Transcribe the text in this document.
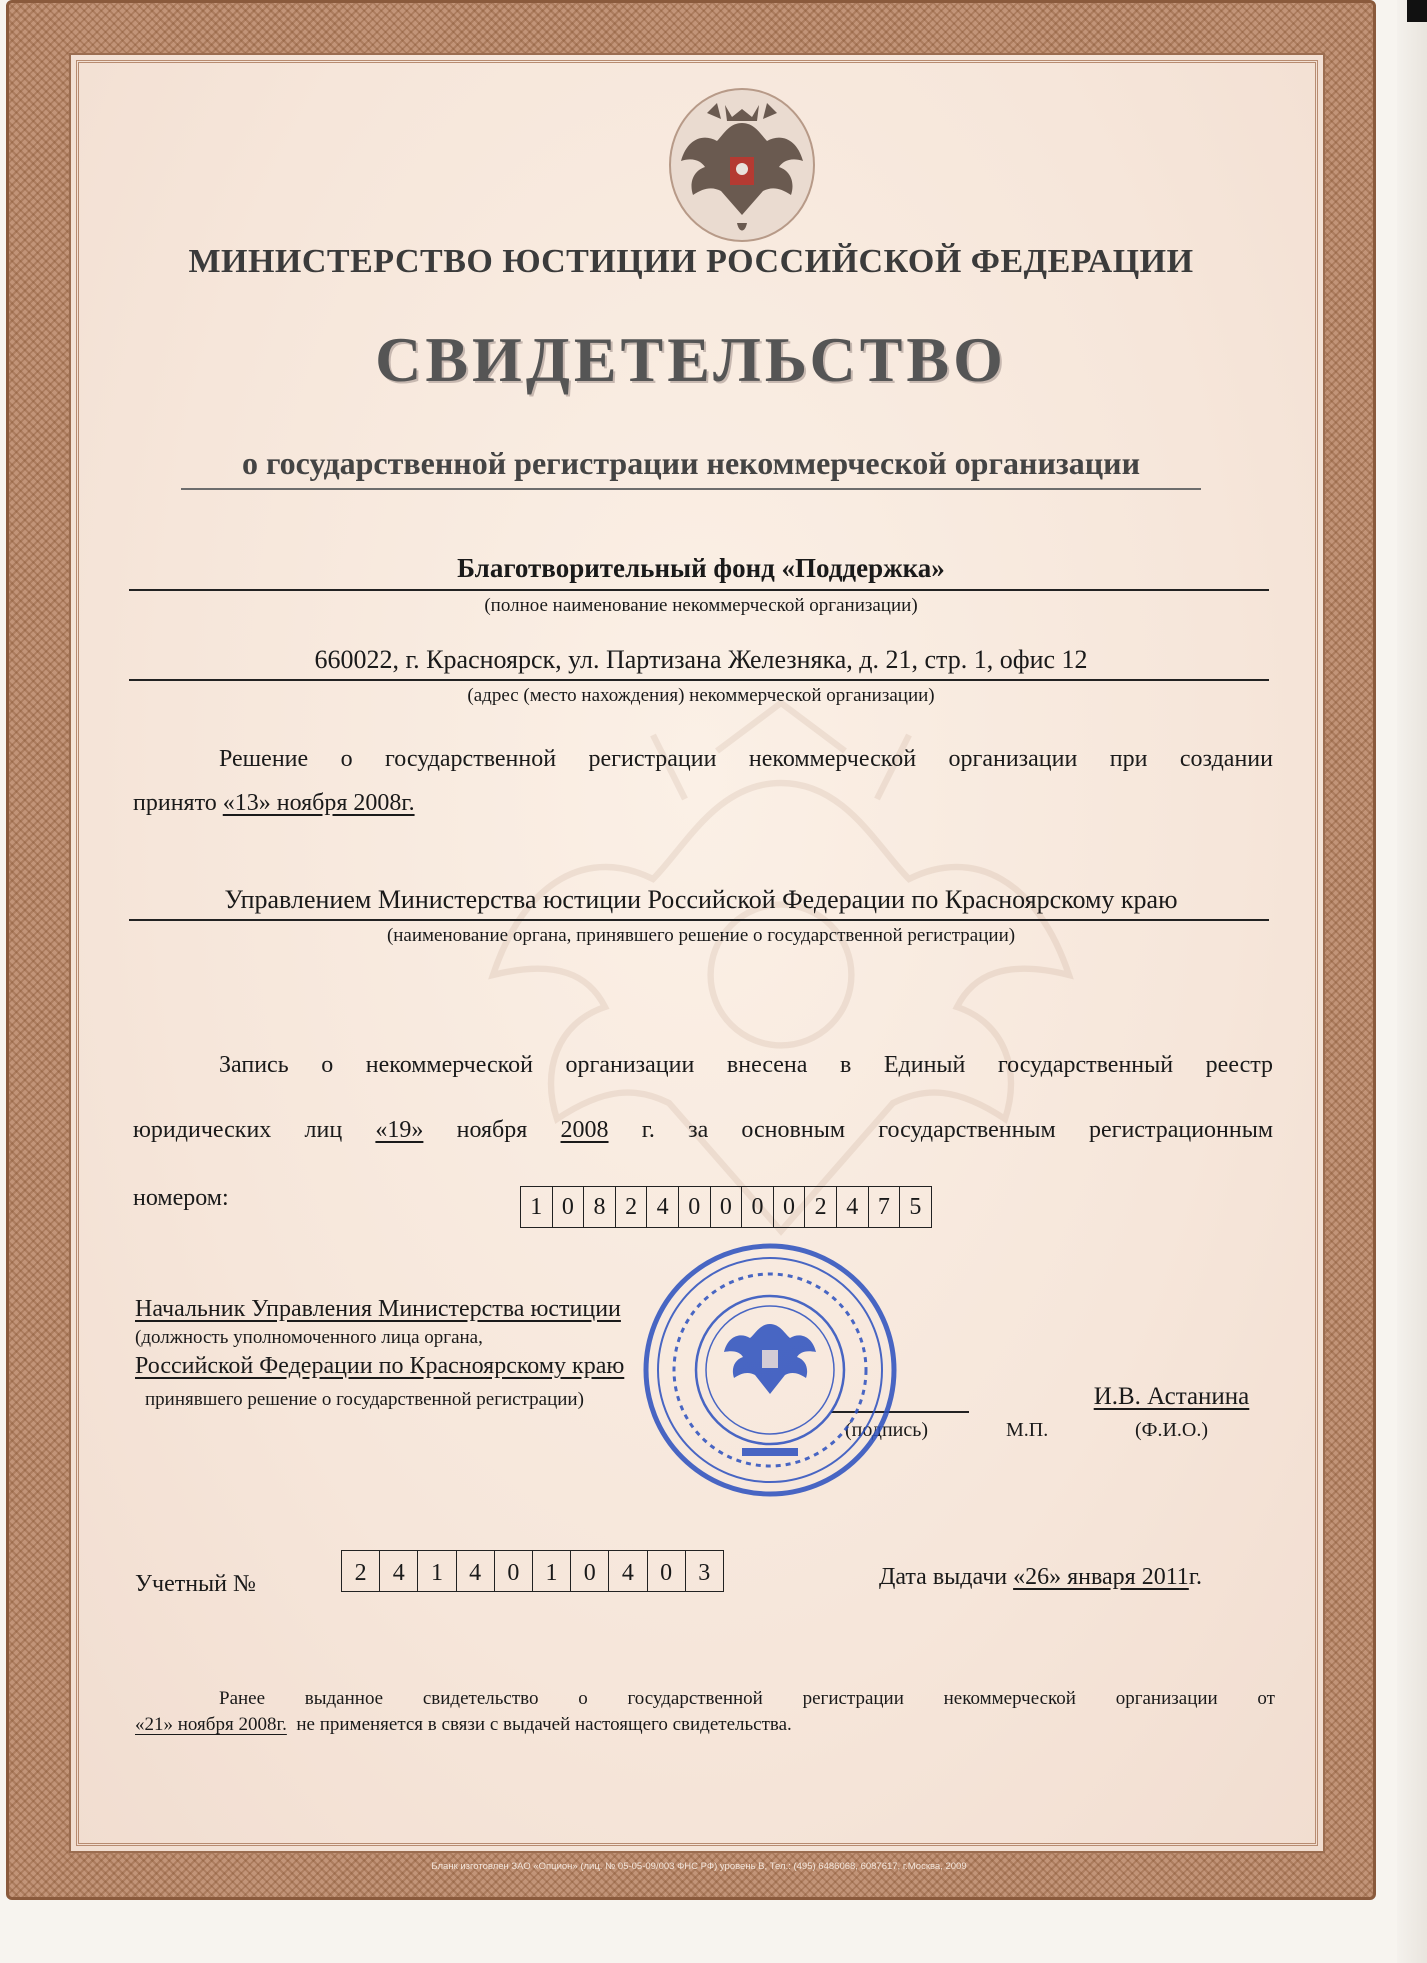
МИНИСТЕРСТВО ЮСТИЦИИ РОССИЙСКОЙ ФЕДЕРАЦИИ
СВИДЕТЕЛЬСТВО
о государственной регистрации некоммерческой организации
Благотворительный фонд «Поддержка»
(полное наименование некоммерческой организации)
660022, г. Красноярск, ул. Партизана Железняка, д. 21, стр. 1, офис 12
(адрес (место нахождения) некоммерческой организации)
Решение о государственной регистрации некоммерческой организации при создании
принято «13» ноября 2008г.
Управлением Министерства юстиции Российской Федерации по Красноярскому краю
(наименование органа, принявшего решение о государственной регистрации)
Запись о некоммерческой организации внесена в Единый государственный реестр
юридических лиц «19» ноября 2008 г. за основным государственным регистрационным
номером:	1 0 8 2 4 0 0 0 0 2 4 7 5
Начальник Управления Министерства юстиции
(должность уполномоченного лица органа,
Российской Федерации по Красноярскому краю
принявшего решение о государственной регистрации)
(подпись)	М.П.
И.В. Астанина
(Ф.И.О.)
Учетный №	2	4	1	4	0	1	0	4	0	3	Дата выдачи «26» января 2011г.
Ранее выданное свидетельство о государственной регистрации некоммерческой организации от
«21» ноября 2008г.  не применяется в связи с выдачей настоящего свидетельства.
Бланк изготовлен ЗАО «Опцион» (лиц. № 05-05-09/003 ФНС РФ) уровень В, Тел.: (495) 6486068, 6087617, г.Москва, 2009
